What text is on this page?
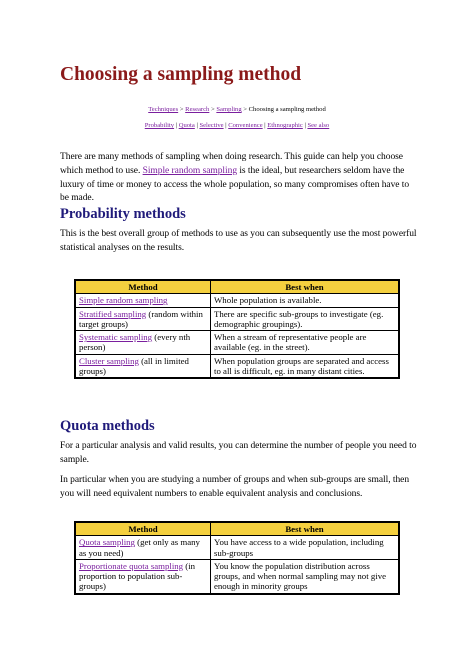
Choosing a sampling method
Techniques > Research > Sampling > Choosing a sampling method
Probability | Quota | Selective | Convenience | Ethnographic | See also

There are many methods of sampling when doing research. This guide can help you choose which method to use. Simple random sampling is the ideal, but researchers seldom have the luxury of time or money to access the whole population, so many compromises often have to be made.

Probability methods

This is the best overall group of methods to use as you can subsequently use the most powerful statistical analyses on the results.

Method	Best when
Simple random sampling	Whole population is available.
Stratified sampling (random within target groups)	There are specific sub-groups to investigate (eg. demographic groupings).
Systematic sampling (every nth person)	When a stream of representative people are available (eg. in the street).
Cluster sampling (all in limited groups)	When population groups are separated and access to all is difficult, eg. in many distant cities.
Quota methods

For a particular analysis and valid results, you can determine the number of people you need to sample.

In particular when you are studying a number of groups and when sub-groups are small, then you will need equivalent numbers to enable equivalent analysis and conclusions.

Method	Best when
Quota sampling (get only as many as you need)	You have access to a wide population, including sub-groups
Proportionate quota sampling (in proportion to population sub-groups)	You know the population distribution across groups, and when normal sampling may not give enough in minority groups
